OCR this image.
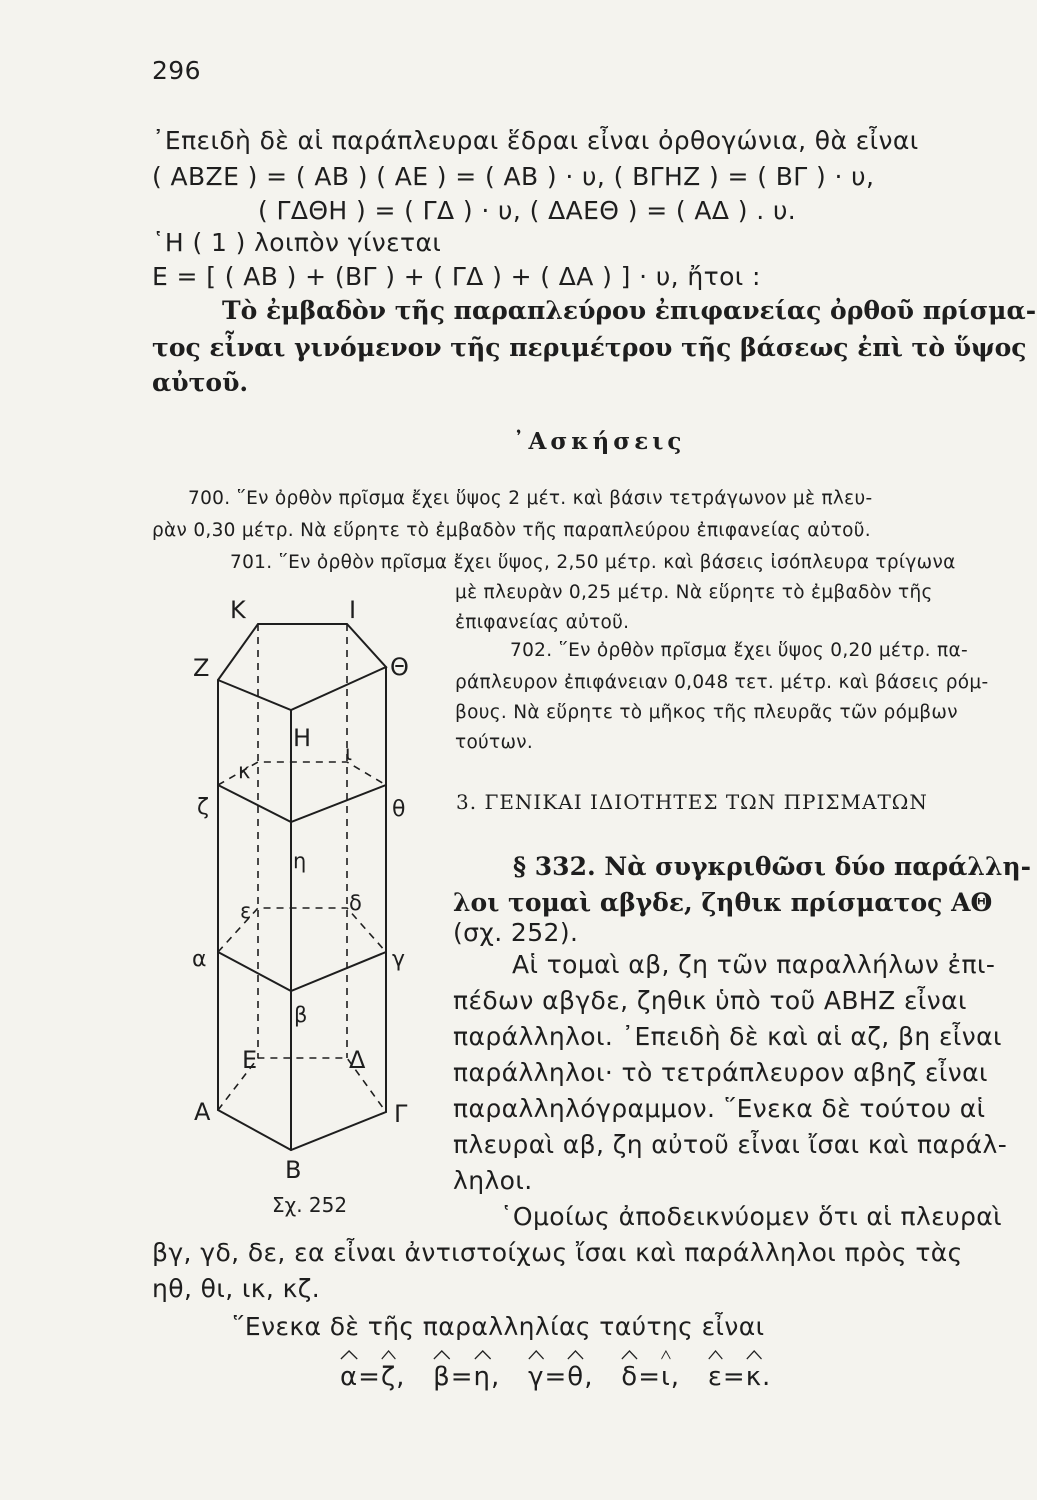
296
᾿Επειδὴ δὲ αἱ παράπλευραι ἕδραι εἶναι ὀρθογώνια, θὰ εἶναι
( ΑΒΖΕ ) = ( ΑΒ ) ( ΑΕ ) = ( ΑΒ ) · υ, ( ΒΓΗΖ ) = ( ΒΓ ) · υ,
( ΓΔΘΗ ) = ( ΓΔ ) · υ, ( ΔΑΕΘ ) = ( ΑΔ ) . υ.
῾Η ( 1 ) λοιπὸν γίνεται
Ε = [ ( ΑΒ ) + (ΒΓ ) + ( ΓΔ ) + ( ΔΑ ) ] · υ, ἤτοι :
Τὸ ἐμβαδὸν τῆς παραπλεύρου ἐπιφανείας ὀρθοῦ πρίσμα-
τος εἶναι γινόμενον τῆς περιμέτρου τῆς βάσεως ἐπὶ τὸ ὕψος
αὐτοῦ.
᾿Ασκήσεις
700. ῞Εν ὀρθὸν πρῖσμα ἔχει ὕψος 2 μέτ. καὶ βάσιν τετράγωνον μὲ πλευ-
ρὰν 0,30 μέτρ. Νὰ εὕρητε τὸ ἐμβαδὸν τῆς παραπλεύρου ἐπιφανείας αὐτοῦ.
701. ῞Εν ὀρθὸν πρῖσμα ἔχει ὕψος, 2,50 μέτρ. καὶ βάσεις ἰσόπλευρα τρίγωνα
μὲ πλευρὰν 0,25 μέτρ. Νὰ εὕρητε τὸ ἐμβαδὸν τῆς
ἐπιφανείας αὐτοῦ.
702. ῞Εν ὀρθὸν πρῖσμα ἔχει ὕψος 0,20 μέτρ. πα-
ράπλευρον ἐπιφάνειαν 0,048 τετ. μέτρ. καὶ βάσεις ρόμ-
βους. Νὰ εὕρητε τὸ μῆκος τῆς πλευρᾶς τῶν ρόμβων
τούτων.
3. ΓΕΝΙΚΑΙ ΙΔΙΟΤΗΤΕΣ ΤΩΝ ΠΡΙΣΜΑΤΩΝ
§ 332. Νὰ συγκριθῶσι δύο παράλλη-
λοι τομαὶ αβγδε, ζηθικ πρίσματος ΑΘ
(σχ. 252).
Αἱ τομαὶ αβ, ζη τῶν παραλλήλων ἐπι-
πέδων αβγδε, ζηθικ ὑπὸ τοῦ ΑΒΗΖ εἶναι
παράλληλοι. ᾿Επειδὴ δὲ καὶ αἱ αζ, βη εἶναι
παράλληλοι· τὸ τετράπλευρον αβηζ εἶναι
παραλληλόγραμμον. ῞Ενεκα δὲ τούτου αἱ
πλευραὶ αβ, ζη αὐτοῦ εἶναι ἴσαι καὶ παράλ-
ληλοι.
῾Ομοίως ἀποδεικνύομεν ὅτι αἱ πλευραὶ
βγ, γδ, δε, εα εἶναι ἀντιστοίχως ἴσαι καὶ παράλληλοι πρὸς τὰς
ηθ, θι, ικ, κζ.
῞Ενεκα δὲ τῆς παραλληλίας ταύτης εἶναι
α=
ζ, β=
η, γ=
θ, δ=
ι, ε=
κ.
Κ	Ι
Ζ	Θ
Η
κ
ι
ζ	θ
η
ε	δ
α	γ
β
Ε	Δ
Α	Γ
Β
Σχ. 252
